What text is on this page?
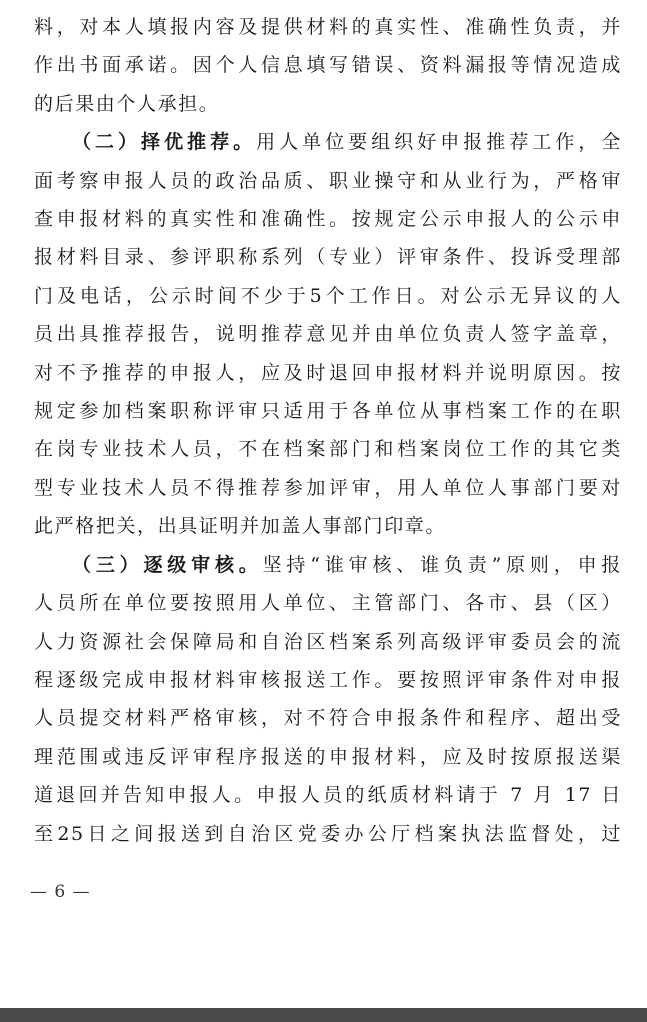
料，对本人填报内容及提供材料的真实性、准确性负责，并
作出书面承诺。因个人信息填写错误、资料漏报等情况造成
的后果由个人承担。

（二）择优推荐。用人单位要组织好申报推荐工作，全
面考察申报人员的政治品质、职业操守和从业行为，严格审
查申报材料的真实性和准确性。按规定公示申报人的公示申
报材料目录、参评职称系列（专业）评审条件、投诉受理部
门及电话，公示时间不少于5个工作日。对公示无异议的人
员出具推荐报告，说明推荐意见并由单位负责人签字盖章，
对不予推荐的申报人，应及时退回申报材料并说明原因。按
规定参加档案职称评审只适用于各单位从事档案工作的在职
在岗专业技术人员，不在档案部门和档案岗位工作的其它类
型专业技术人员不得推荐参加评审，用人单位人事部门要对
此严格把关，出具证明并加盖人事部门印章。

（三）逐级审核。坚持“谁审核、谁负责”原则，申报
人员所在单位要按照用人单位、主管部门、各市、县（区）
人力资源社会保障局和自治区档案系列高级评审委员会的流
程逐级完成申报材料审核报送工作。要按照评审条件对申报
人员提交材料严格审核，对不符合申报条件和程序、超出受
理范围或违反评审程序报送的申报材料，应及时按原报送渠
道退回并告知申报人。申报人员的纸质材料请于 7 月 17 日
至25日之间报送到自治区党委办公厅档案执法监督处，过

— 6 —
